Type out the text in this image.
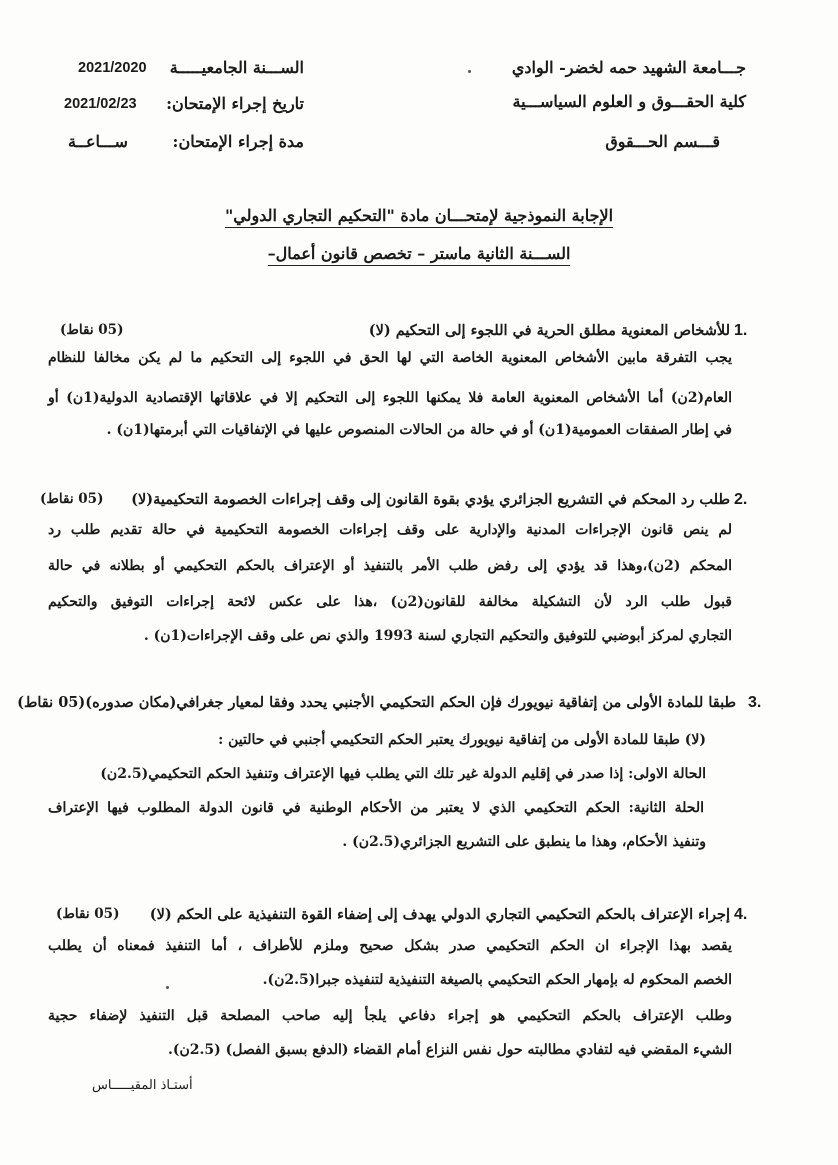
جـــامعة الشهيد حمه لخضر- الوادي
كلية الحقـــوق و العلوم السياســـية
قـــسم الحـــقوق
الســـنة الجامعيـــــة
2021/2020
تاريخ إجراء الإمتحان:
2021/02/23
مدة إجراء الإمتحان:
ســـاعــة
الإجابة النموذجية لإمتحـــان مادة "التحكيم التجاري الدولي"
الســـنة الثانية ماستر – تخصص قانون أعمال–
1.
للأشخاص المعنوية مطلق الحرية في اللجوء إلى التحكيم (لا)
(05 نقاط)
يجب التفرقة مابين الأشخاص المعنوية الخاصة التي لها الحق في اللجوء إلى التحكيم ما لم يكن مخالفا للنظام
العام(2ن) أما الأشخاص المعنوية العامة فلا يمكنها اللجوء إلى التحكيم إلا في علاقاتها الإقتصادية الدولية(1ن) أو
في إطار الصفقات العمومية(1ن) أو في حالة من الحالات المنصوص عليها في الإتفاقيات التي أبرمتها(1ن) .
2.
طلب رد المحكم في التشريع الجزائري يؤدي بقوة القانون إلى وقف إجراءات الخصومة التحكيمية(لا)
(05 نقاط)
لم ينص قانون الإجراءات المدنية والإدارية على وقف إجراءات الخصومة التحكيمية في حالة تقديم طلب رد
المحكم (2ن)،وهذا قد يؤدي إلى رفض طلب الأمر بالتنفيذ أو الإعتراف بالحكم التحكيمي أو بطلانه في حالة
قبول طلب الرد لأن التشكيلة مخالفة للقانون(2ن) ،هذا على عكس لائحة إجراءات التوفيق والتحكيم
التجاري لمركز أبوضبي للتوفيق والتحكيم التجاري لسنة 1993 والذي نص على وقف الإجراءات(1ن) .
3.
طبقا للمادة الأولى من إتفاقية نيويورك فإن الحكم التحكيمي الأجنبي يحدد وفقا لمعيار جغرافي(مكان صدوره)(05 نقاط)
(لا) طبقا للمادة الأولى من إتفاقية نيويورك يعتبر الحكم التحكيمي أجنبي في حالتين :
الحالة الاولى: إذا صدر في إقليم الدولة غير تلك التي يطلب فيها الإعتراف وتنفيذ الحكم التحكيمي(2.5ن)
الحلة الثانية: الحكم التحكيمي الذي لا يعتبر من الأحكام الوطنية في قانون الدولة المطلوب فيها الإعتراف
وتنفيذ الأحكام، وهذا ما ينطبق على التشريع الجزائري(2.5ن) .
4.
إجراء الإعتراف بالحكم التحكيمي التجاري الدولي يهدف إلى إضفاء القوة التنفيذية على الحكم (لا)
(05 نقاط)
يقصد بهذا الإجراء ان الحكم التحكيمي صدر بشكل صحيح وملزم للأطراف ، أما التنفيذ فمعناه أن يطلب
الخصم المحكوم له بإمهار الحكم التحكيمي بالصيغة التنفيذية لتنفيذه جبرا(2.5ن).
وطلب الإعتراف بالحكم التحكيمي هو إجراء دفاعي يلجأ إليه صاحب المصلحة قبل التنفيذ لإضفاء حجية
الشيء المقضي فيه لتفادي مطالبته حول نفس النزاع أمام القضاء (الدفع بسبق الفصل) (2.5ن).
أستـاذ المقيـــــاس
